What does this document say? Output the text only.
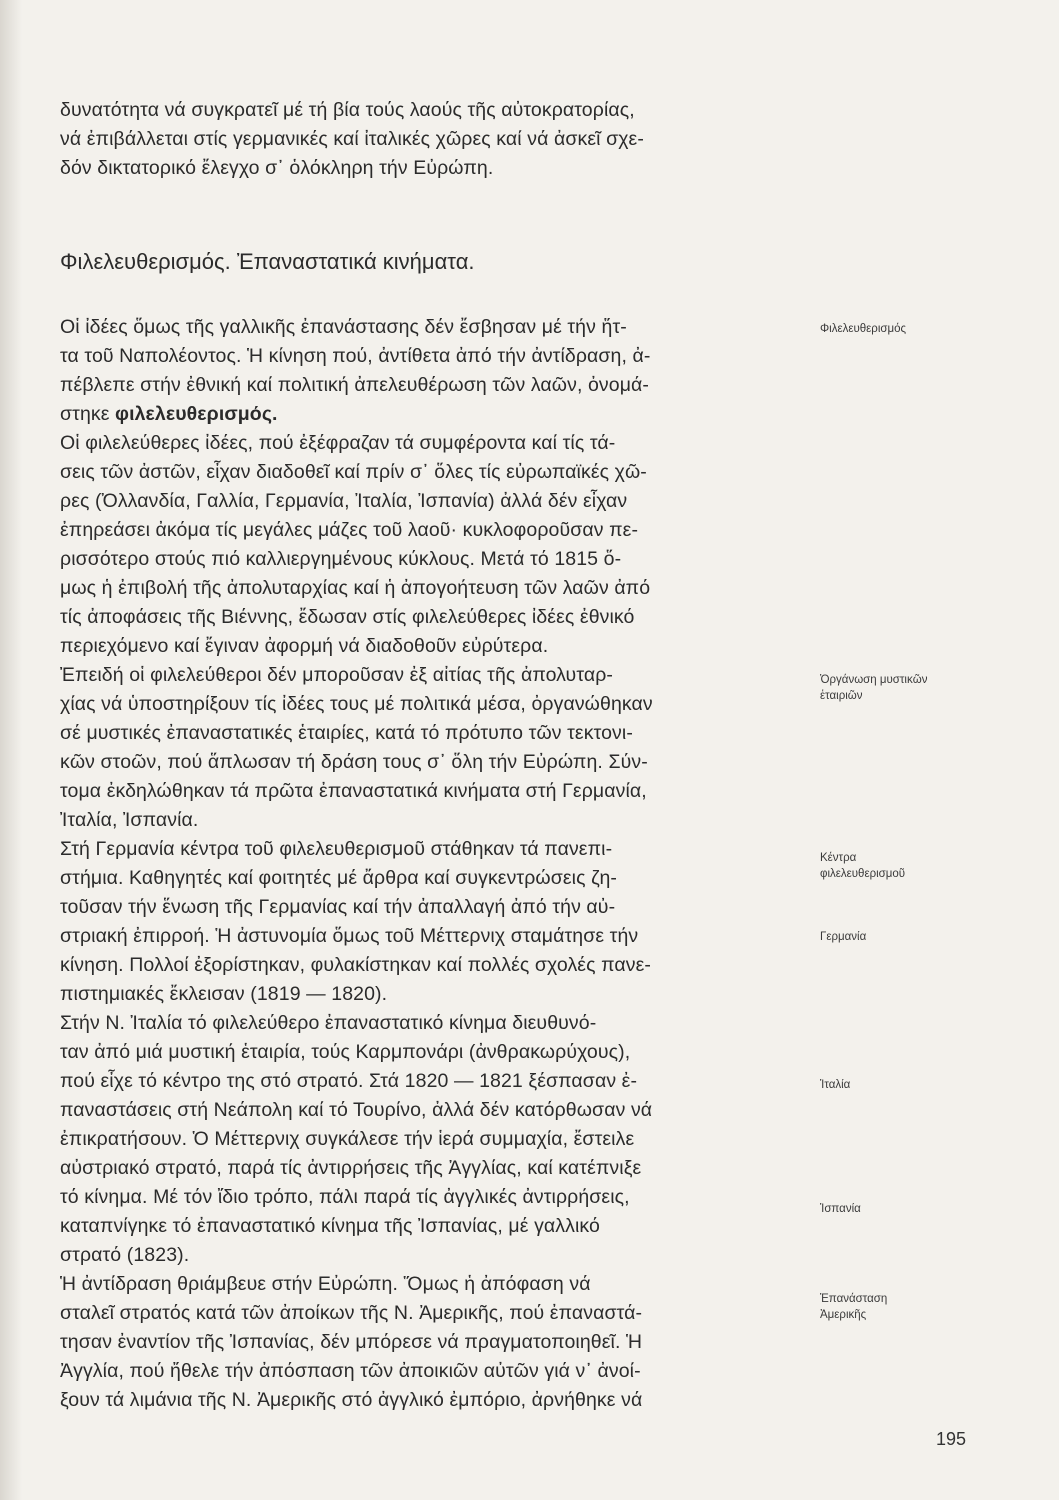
δυνατότητα νά συγκρατεῖ μέ τή βία τούς λαούς τῆς αὐτοκρατορίας,
νά ἐπιβάλλεται στίς γερμανικές καί ἰταλικές χῶρες καί νά ἀσκεῖ σχε-
δόν δικτατορικό ἔλεγχο σ᾽ ὁλόκληρη τήν Εὐρώπη.
Φιλελευθερισμός. Ἐπαναστατικά κινήματα.
Οἱ ἰδέες ὅμως τῆς γαλλικῆς ἐπανάστασης δέν ἔσβησαν μέ τήν ἥτ-
τα τοῦ Ναπολέοντος. Ἡ κίνηση πού, ἀντίθετα ἀπό τήν ἀντίδραση, ἀ-
πέβλεπε στήν ἐθνική καί πολιτική ἀπελευθέρωση τῶν λαῶν, ὀνομά-
στηκε φιλελευθερισμός.
Οἱ φιλελεύθερες ἰδέες, πού ἐξέφραζαν τά συμφέροντα καί τίς τά-
σεις τῶν ἀστῶν, εἶχαν διαδοθεῖ καί πρίν σ᾽ ὅλες τίς εὐρωπαϊκές χῶ-
ρες (Ὀλλανδία, Γαλλία, Γερμανία, Ἰταλία, Ἰσπανία) ἀλλά δέν εἶχαν
ἐπηρεάσει ἀκόμα τίς μεγάλες μάζες τοῦ λαοῦ· κυκλοφοροῦσαν πε-
ρισσότερο στούς πιό καλλιεργημένους κύκλους. Μετά τό 1815 ὅ-
μως ἡ ἐπιβολή τῆς ἀπολυταρχίας καί ἡ ἀπογοήτευση τῶν λαῶν ἀπό
τίς ἀποφάσεις τῆς Βιέννης, ἔδωσαν στίς φιλελεύθερες ἰδέες ἐθνικό
περιεχόμενο καί ἔγιναν ἀφορμή νά διαδοθοῦν εὐρύτερα.
Ἐπειδή οἱ φιλελεύθεροι δέν μποροῦσαν ἐξ αἰτίας τῆς ἀπολυταρ-
χίας νά ὑποστηρίξουν τίς ἰδέες τους μέ πολιτικά μέσα, ὀργανώθηκαν
σέ μυστικές ἐπαναστατικές ἑταιρίες, κατά τό πρότυπο τῶν τεκτονι-
κῶν στοῶν, πού ἅπλωσαν τή δράση τους σ᾽ ὅλη τήν Εὐρώπη. Σύν-
τομα ἐκδηλώθηκαν τά πρῶτα ἐπαναστατικά κινήματα στή Γερμανία,
Ἰταλία, Ἰσπανία.
Στή Γερμανία κέντρα τοῦ φιλελευθερισμοῦ στάθηκαν τά πανεπι-
στήμια. Καθηγητές καί φοιτητές μέ ἄρθρα καί συγκεντρώσεις ζη-
τοῦσαν τήν ἕνωση τῆς Γερμανίας καί τήν ἀπαλλαγή ἀπό τήν αὐ-
στριακή ἐπιρροή. Ἡ ἀστυνομία ὅμως τοῦ Μέττερνιχ σταμάτησε τήν
κίνηση. Πολλοί ἐξορίστηκαν, φυλακίστηκαν καί πολλές σχολές πανε-
πιστημιακές ἔκλεισαν (1819 — 1820).
Στήν Ν. Ἰταλία τό φιλελεύθερο ἐπαναστατικό κίνημα διευθυνό-
ταν ἀπό μιά μυστική ἑταιρία, τούς Καρμπονάρι (ἀνθρακωρύχους),
πού εἶχε τό κέντρο της στό στρατό. Στά 1820 — 1821 ξέσπασαν ἐ-
παναστάσεις στή Νεάπολη καί τό Τουρίνο, ἀλλά δέν κατόρθωσαν νά
ἐπικρατήσουν. Ὁ Μέττερνιχ συγκάλεσε τήν ἱερά συμμαχία, ἔστειλε
αὐστριακό στρατό, παρά τίς ἀντιρρήσεις τῆς Ἀγγλίας, καί κατέπνιξε
τό κίνημα. Μέ τόν ἴδιο τρόπο, πάλι παρά τίς ἀγγλικές ἀντιρρήσεις,
καταπνίγηκε τό ἐπαναστατικό κίνημα τῆς Ἰσπανίας, μέ γαλλικό
στρατό (1823).
Ἡ ἀντίδραση θριάμβευε στήν Εὐρώπη. Ὅμως ἡ ἀπόφαση νά
σταλεῖ στρατός κατά τῶν ἀποίκων τῆς Ν. Ἀμερικῆς, πού ἐπαναστά-
τησαν ἐναντίον τῆς Ἰσπανίας, δέν μπόρεσε νά πραγματοποιηθεῖ. Ἡ
Ἀγγλία, πού ἤθελε τήν ἀπόσπαση τῶν ἀποικιῶν αὐτῶν γιά ν᾽ ἀνοί-
ξουν τά λιμάνια τῆς Ν. Ἀμερικῆς στό ἀγγλικό ἐμπόριο, ἀρνήθηκε νά
Φιλελευθερισμός
Ὀργάνωση μυστικῶν
ἑταιριῶν
Κέντρα
φιλελευθερισμοῦ
Γερμανία
Ἰταλία
Ἰσπανία
Ἐπανάσταση
Ἀμερικῆς
195
